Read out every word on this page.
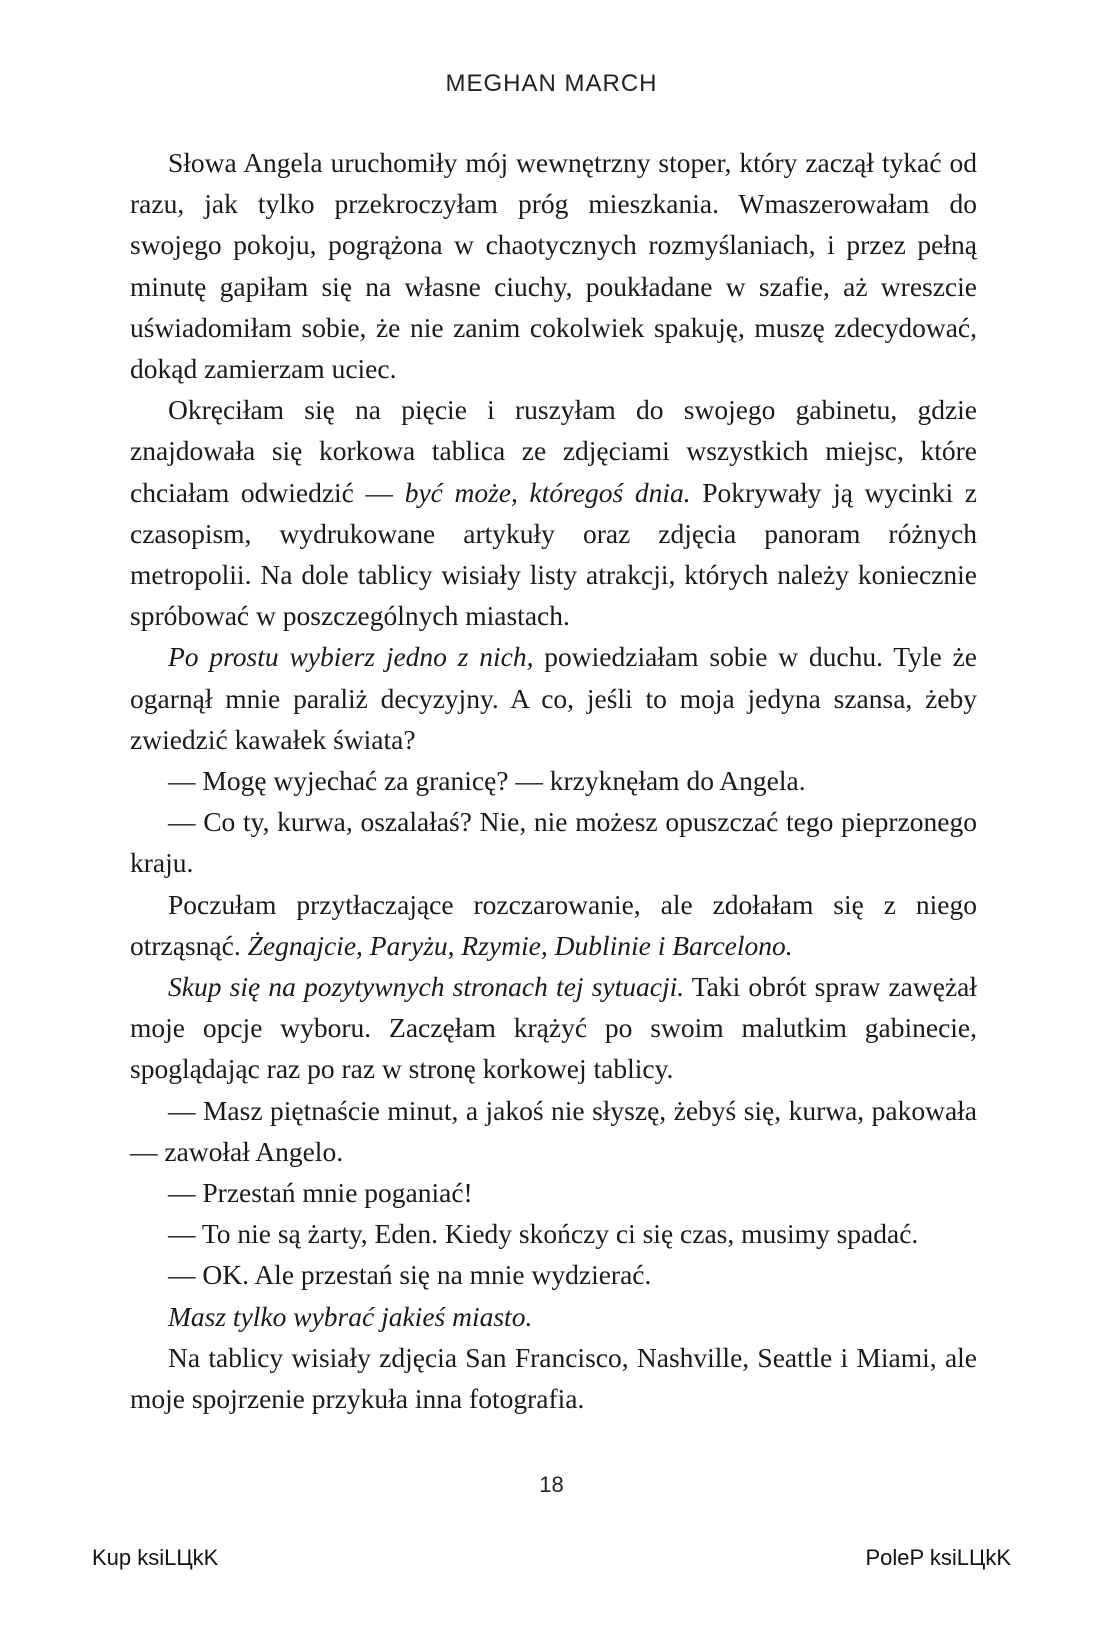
MEGHAN MARCH

Słowa Angela uruchomiły mój wewnętrzny stoper, który zaczął tykać od razu, jak tylko przekroczyłam próg mieszkania. Wmaszerowałam do swojego pokoju, pogrążona w chaotycznych rozmyślaniach, i przez pełną minutę gapiłam się na własne ciuchy, poukładane w szafie, aż wreszcie uświadomiłam sobie, że nie zanim cokolwiek spakuję, muszę zdecydować, dokąd zamierzam uciec.

Okręciłam się na pięcie i ruszyłam do swojego gabinetu, gdzie znajdowała się korkowa tablica ze zdjęciami wszystkich miejsc, które chciałam odwiedzić — być może, któregoś dnia. Pokrywały ją wycinki z czasopism, wydrukowane artykuły oraz zdjęcia panoram różnych metropolii. Na dole tablicy wisiały listy atrakcji, których należy koniecznie spróbować w poszczególnych miastach.

Po prostu wybierz jedno z nich, powiedziałam sobie w duchu. Tyle że ogarnął mnie paraliż decyzyjny. A co, jeśli to moja jedyna szansa, żeby zwiedzić kawałek świata?

— Mogę wyjechać za granicę? — krzyknęłam do Angela.

— Co ty, kurwa, oszalałaś? Nie, nie możesz opuszczać tego pieprzonego kraju.

Poczułam przytłaczające rozczarowanie, ale zdołałam się z niego otrząsnąć. Żegnajcie, Paryżu, Rzymie, Dublinie i Barcelono.

Skup się na pozytywnych stronach tej sytuacji. Taki obrót spraw zawężał moje opcje wyboru. Zaczęłam krążyć po swoim malutkim gabinecie, spoglądając raz po raz w stronę korkowej tablicy.

— Masz piętnaście minut, a jakoś nie słyszę, żebyś się, kurwa, pakowała — zawołał Angelo.

— Przestań mnie poganiać!

— To nie są żarty, Eden. Kiedy skończy ci się czas, musimy spadać.

— OK. Ale przestań się na mnie wydzierać.

Masz tylko wybrać jakieś miasto.

Na tablicy wisiały zdjęcia San Francisco, Nashville, Seattle i Miami, ale moje spojrzenie przykuła inna fotografia.

18
Kup ksiLЦkK	PoleP ksiLЦkK
